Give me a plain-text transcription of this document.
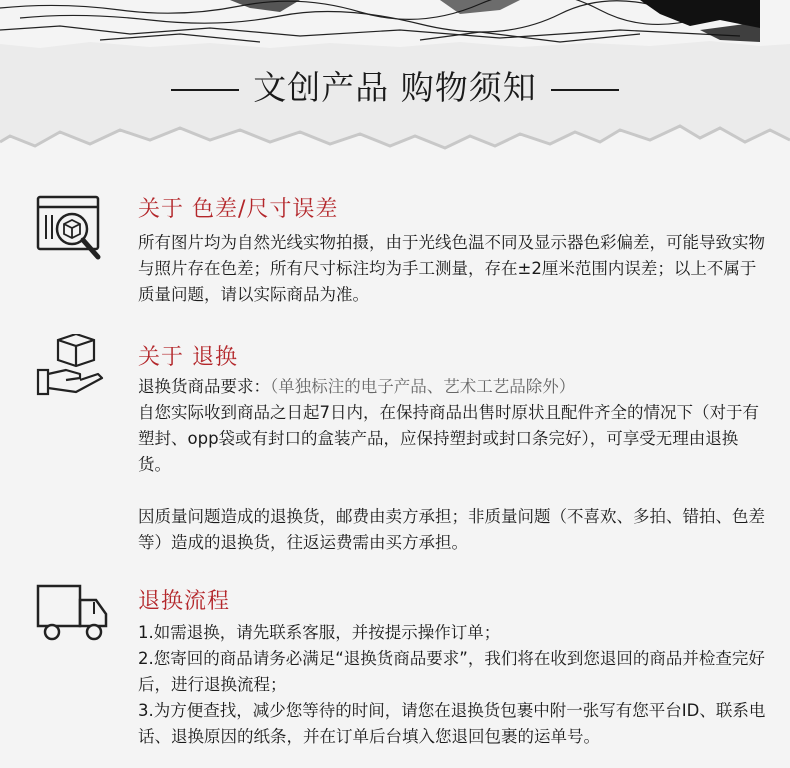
文创产品 购物须知
关于 色差/尺寸误差
所有图片均为自然光线实物拍摄，由于光线色温不同及显示器色彩偏差，可能导致实物与照片存在色差；所有尺寸标注均为手工测量，存在±2厘米范围内误差；以上不属于质量问题，请以实际商品为准。
关于 退换

退换货商品要求：（单独标注的电子产品、艺术工艺品除外）

自您实际收到商品之日起7日内，在保持商品出售时原状且配件齐全的情况下（对于有塑封、opp袋或有封口的盒装产品，应保持塑封或封口条完好），可享受无理由退换货。

因质量问题造成的退换货，邮费由卖方承担；非质量问题（不喜欢、多拍、错拍、色差等）造成的退换货，往返运费需由买方承担。

退换流程

1.如需退换，请先联系客服，并按提示操作订单；

2.您寄回的商品请务必满足“退换货商品要求”，我们将在收到您退回的商品并检查完好后，进行退换流程；

3.为方便查找，减少您等待的时间，请您在退换货包裹中附一张写有您平台ID、联系电话、退换原因的纸条，并在订单后台填入您退回包裹的运单号。
